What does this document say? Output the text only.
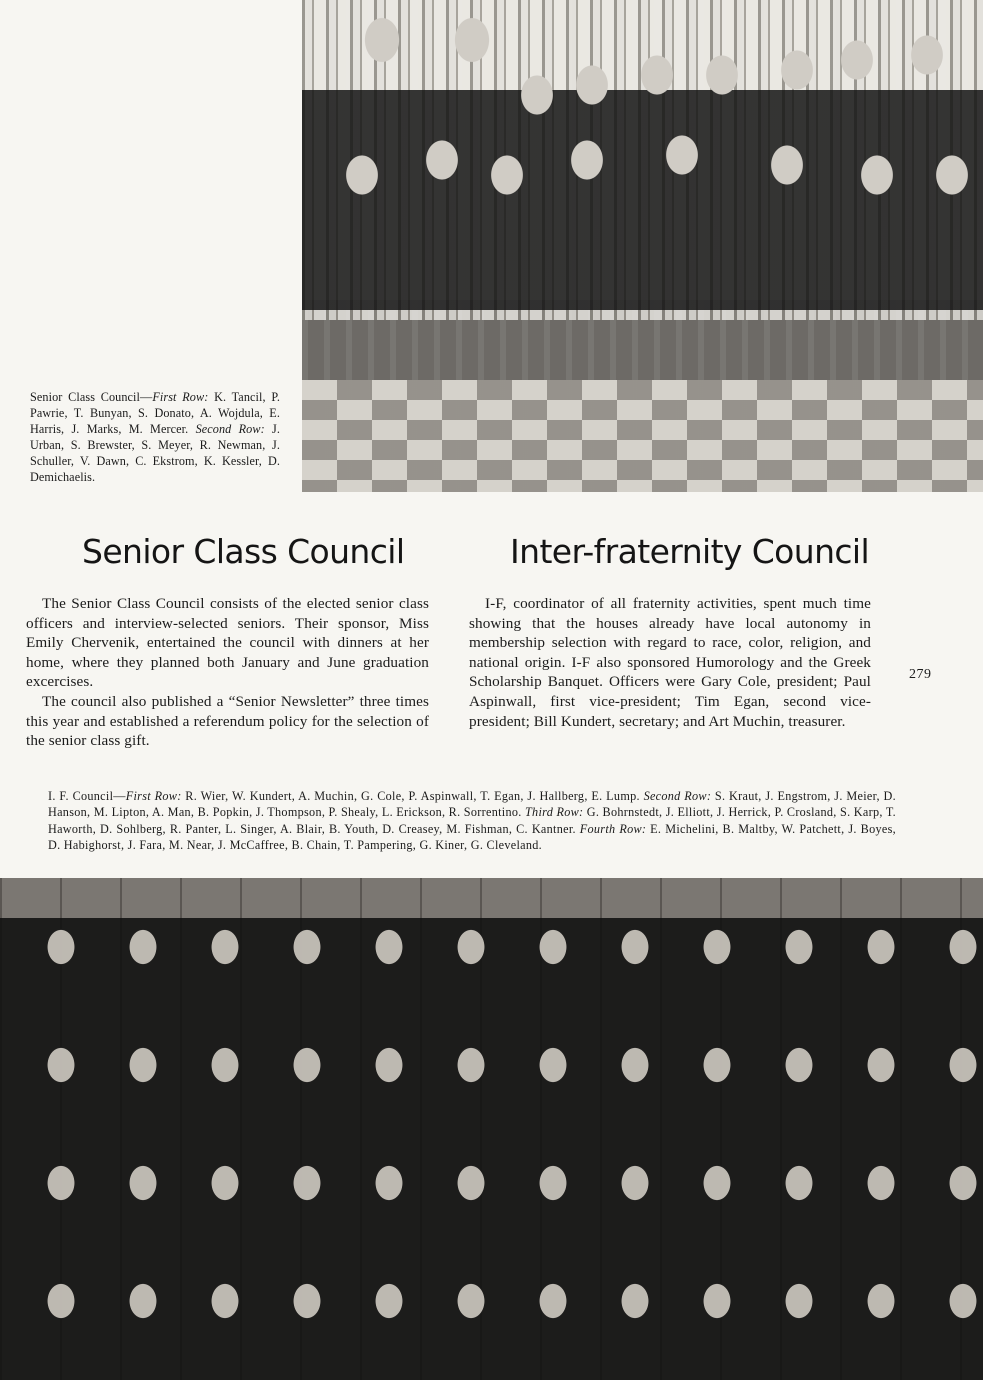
Senior Class Council—First Row: K. Tancil, P. Pawrie, T. Bunyan, S. Donato, A. Wojdula, E. Harris, J. Marks, M. Mercer. Second Row: J. Urban, S. Brewster, S. Meyer, R. Newman, J. Schuller, V. Dawn, C. Ekstrom, K. Kessler, D. Demichaelis.
Senior Class Council	Inter-fraternity Council

The Senior Class Council consists of the elected senior class officers and interview-selected seniors. Their sponsor, Miss Emily Chervenik, entertained the council with dinners at her home, where they planned both January and June graduation excercises.

The council also published a “Senior Newsletter” three times this year and established a referendum policy for the selection of the senior class gift.

I-F, coordinator of all fraternity activities, spent much time showing that the houses already have local autonomy in membership selection with regard to race, color, religion, and national origin. I-F also sponsored Humorology and the Greek Scholarship Banquet. Officers were Gary Cole, president; Paul Aspinwall, first vice-president; Tim Egan, second vice-president; Bill Kundert, secretary; and Art Muchin, treasurer.

279
I. F. Council—First Row: R. Wier, W. Kundert, A. Muchin, G. Cole, P. Aspinwall, T. Egan, J. Hallberg, E. Lump. Second Row: S. Kraut, J. Engstrom, J. Meier, D. Hanson, M. Lipton, A. Man, B. Popkin, J. Thompson, P. Shealy, L. Erickson, R. Sorrentino. Third Row: G. Bohrnstedt, J. Elliott, J. Herrick, P. Crosland, S. Karp, T. Haworth, D. Sohlberg, R. Panter, L. Singer, A. Blair, B. Youth, D. Creasey, M. Fishman, C. Kantner. Fourth Row: E. Michelini, B. Maltby, W. Patchett, J. Boyes, D. Habighorst, J. Fara, M. Near, J. McCaffree, B. Chain, T. Pampering, G. Kiner, G. Cleveland.
